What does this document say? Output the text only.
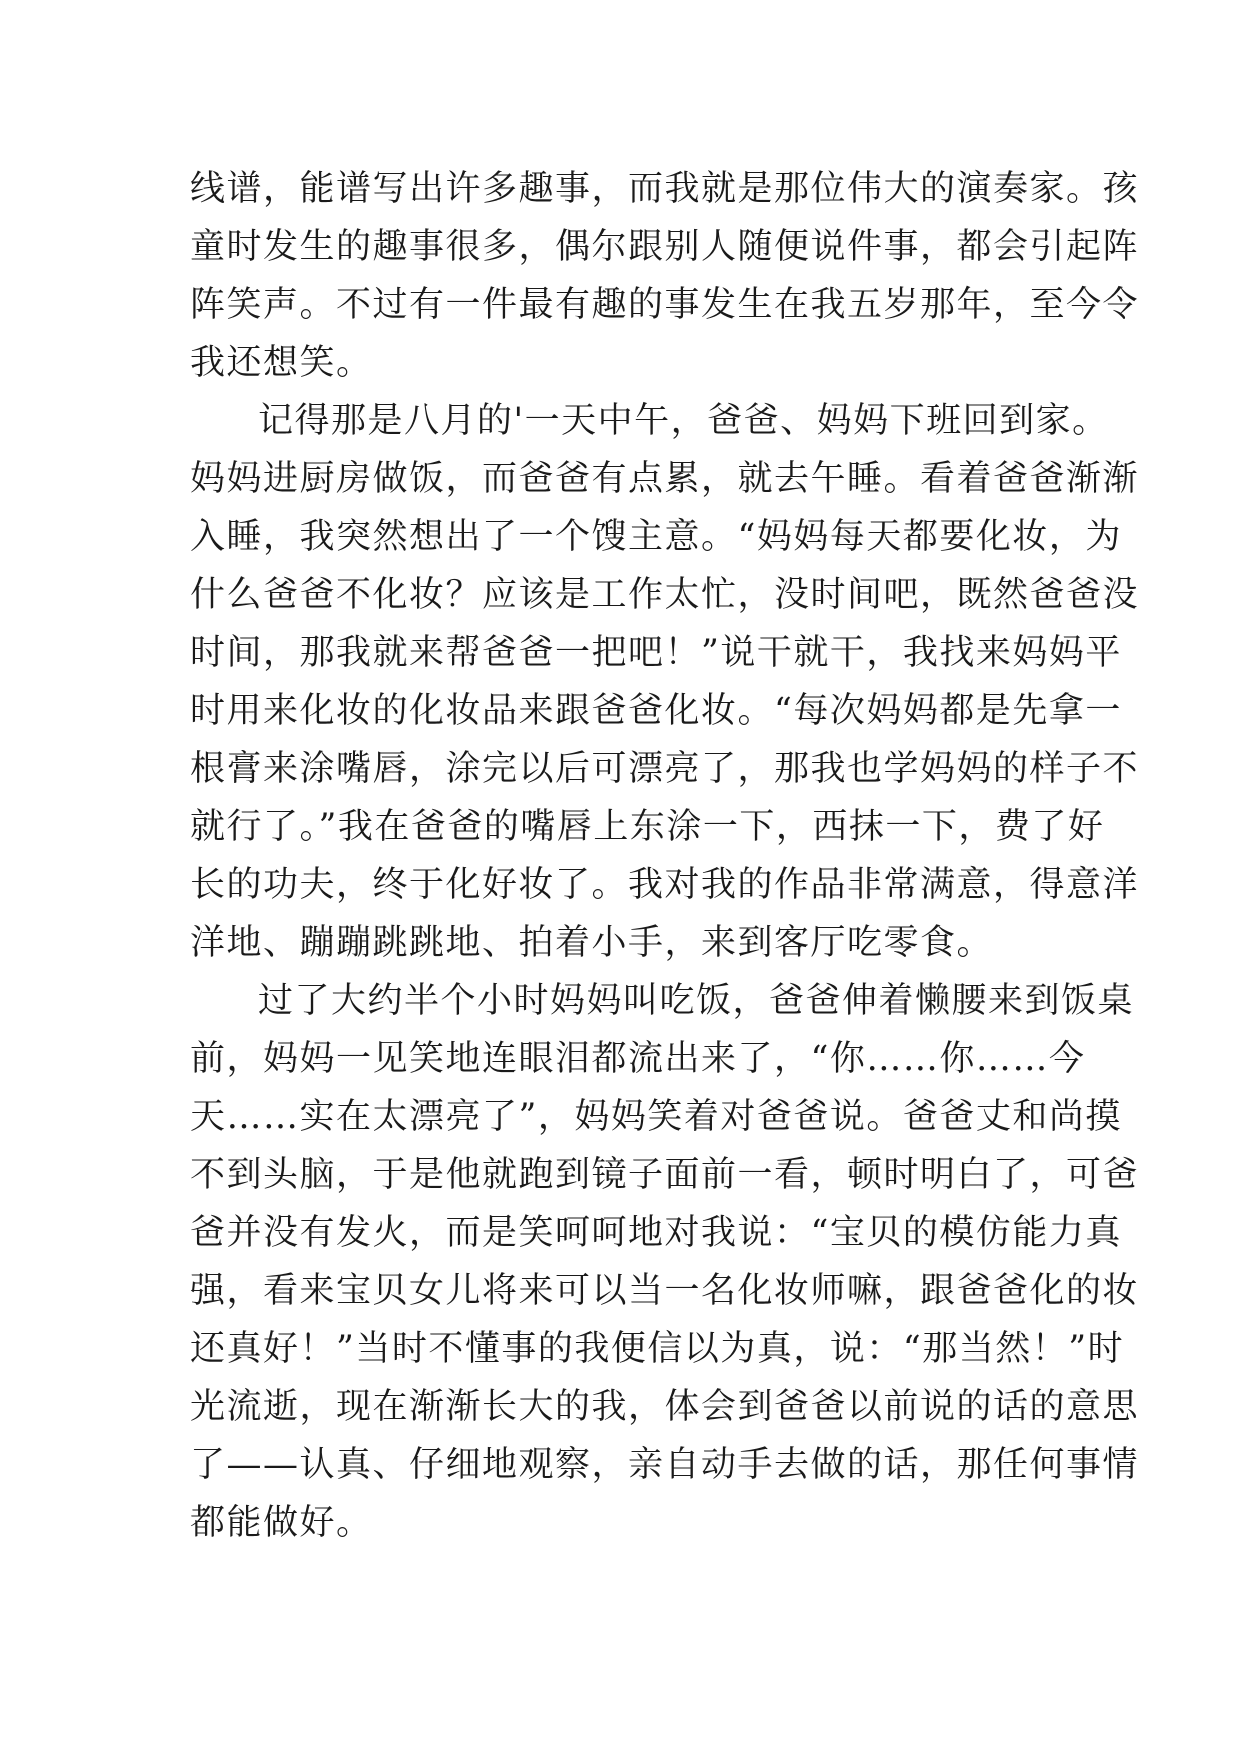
线谱，能谱写出许多趣事，而我就是那位伟大的演奏家。孩
童时发生的趣事很多，偶尔跟别人随便说件事，都会引起阵
阵笑声。不过有一件最有趣的事发生在我五岁那年，至今令
我还想笑。
记得那是八月的'一天中午，爸爸、妈妈下班回到家。
妈妈进厨房做饭，而爸爸有点累，就去午睡。看着爸爸渐渐
入睡，我突然想出了一个馊主意。“妈妈每天都要化妆，为
什么爸爸不化妆？应该是工作太忙，没时间吧，既然爸爸没
时间，那我就来帮爸爸一把吧！”说干就干，我找来妈妈平
时用来化妆的化妆品来跟爸爸化妆。“每次妈妈都是先拿一
根膏来涂嘴唇，涂完以后可漂亮了，那我也学妈妈的样子不
就行了。”我在爸爸的嘴唇上东涂一下，西抹一下，费了好
长的功夫，终于化好妆了。我对我的作品非常满意，得意洋
洋地、蹦蹦跳跳地、拍着小手，来到客厅吃零食。
过了大约半个小时妈妈叫吃饭，爸爸伸着懒腰来到饭桌
前，妈妈一见笑地连眼泪都流出来了，“你……你……今
天……实在太漂亮了”，妈妈笑着对爸爸说。爸爸丈和尚摸
不到头脑，于是他就跑到镜子面前一看，顿时明白了，可爸
爸并没有发火，而是笑呵呵地对我说：“宝贝的模仿能力真
强，看来宝贝女儿将来可以当一名化妆师嘛，跟爸爸化的妆
还真好！”当时不懂事的我便信以为真，说：“那当然！”时
光流逝，现在渐渐长大的我，体会到爸爸以前说的话的意思
了——认真、仔细地观察，亲自动手去做的话，那任何事情
都能做好。
